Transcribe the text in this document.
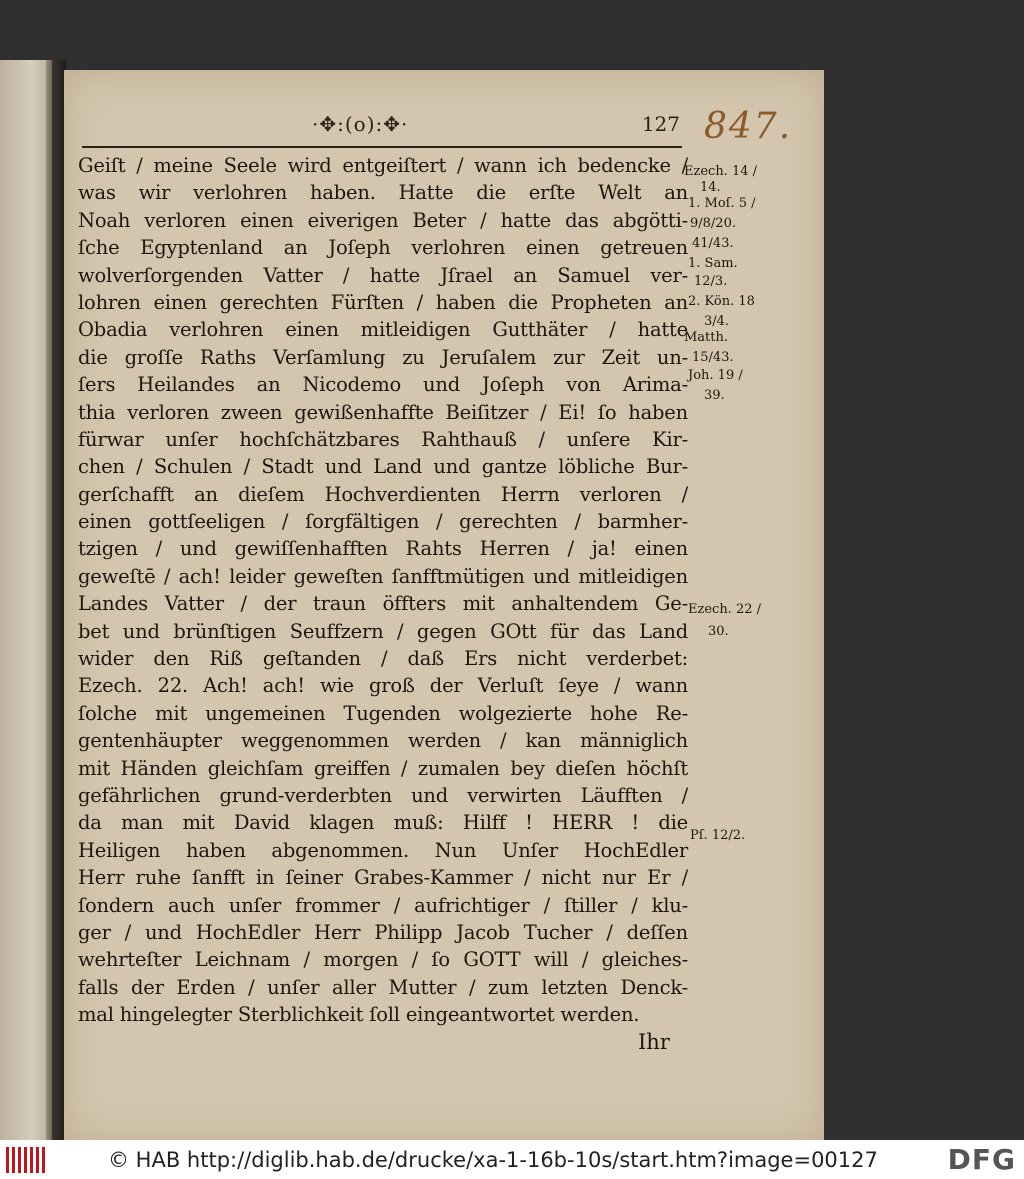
·✥:(o):✥·	127 847.
Geiſt / meine Seele wird entgeiſtert / wann ich bedencke /
was wir verlohren haben. Hatte die erſte Welt an
Noah verloren einen eiverigen Beter / hatte das abgötti-
ſche Egyptenland an Joſeph verlohren einen getreuen
wolverſorgenden Vatter / hatte Jſrael an Samuel ver-
lohren einen gerechten Fürſten / haben die Propheten an
Obadia verlohren einen mitleidigen Gutthäter / hatte
die groſſe Raths Verſamlung zu Jeruſalem zur Zeit un-
ſers Heilandes an Nicodemo und Joſeph von Arima-
thia verloren zween gewißenhaffte Beiſitzer / Ei! ſo haben
fürwar unſer hochſchätzbares Rahthauß / unſere Kir-
chen / Schulen / Stadt und Land und gantze löbliche Bur-
gerſchafft an dieſem Hochverdienten Herrn verloren /
einen gottſeeligen / ſorgfältigen / gerechten / barmher-
tzigen / und gewiſſenhafften Rahts Herren / ja! einen
geweſtē / ach! leider geweſten ſanfftmütigen und mitleidigen
Landes Vatter / der traun öffters mit anhaltendem Ge-
bet und brünſtigen Seuffzern / gegen GOtt für das Land
wider den Riß geſtanden / daß Ers nicht verderbet:
Ezech. 22. Ach! ach! wie groß der Verluſt ſeye / wann
ſolche mit ungemeinen Tugenden wolgezierte hohe Re-
gentenhäupter weggenommen werden / kan männiglich
mit Händen gleichſam greiffen / zumalen bey dieſen höchſt
gefährlichen grund-verderbten und verwirten Läufften /
da man mit David klagen muß: Hilff ! HERR ! die
Heiligen haben abgenommen. Nun Unſer HochEdler
Herr ruhe ſanfft in ſeiner Grabes-Kammer / nicht nur Er /
ſondern auch unſer frommer / aufrichtiger / ſtiller / klu-
ger / und HochEdler Herr Philipp Jacob Tucher / deſſen
wehrteſter Leichnam / morgen / ſo GOTT will / gleiches-
falls der Erden / unſer aller Mutter / zum letzten Denck-
mal hingelegter Sterblichkeit ſoll eingeantwortet werden.
Ezech. 14 /
14.
1. Moſ. 5 /
9/8/20.
41/43.
1. Sam.
12/3.
2. Kön. 18
3/4.
Matth.
15/43.
Joh. 19 /
39.
Ezech. 22 /
30.
Pſ. 12/2.
Ihr
© HAB http://diglib.hab.de/drucke/xa-1-16b-10s/start.htm?image=00127 DFG
